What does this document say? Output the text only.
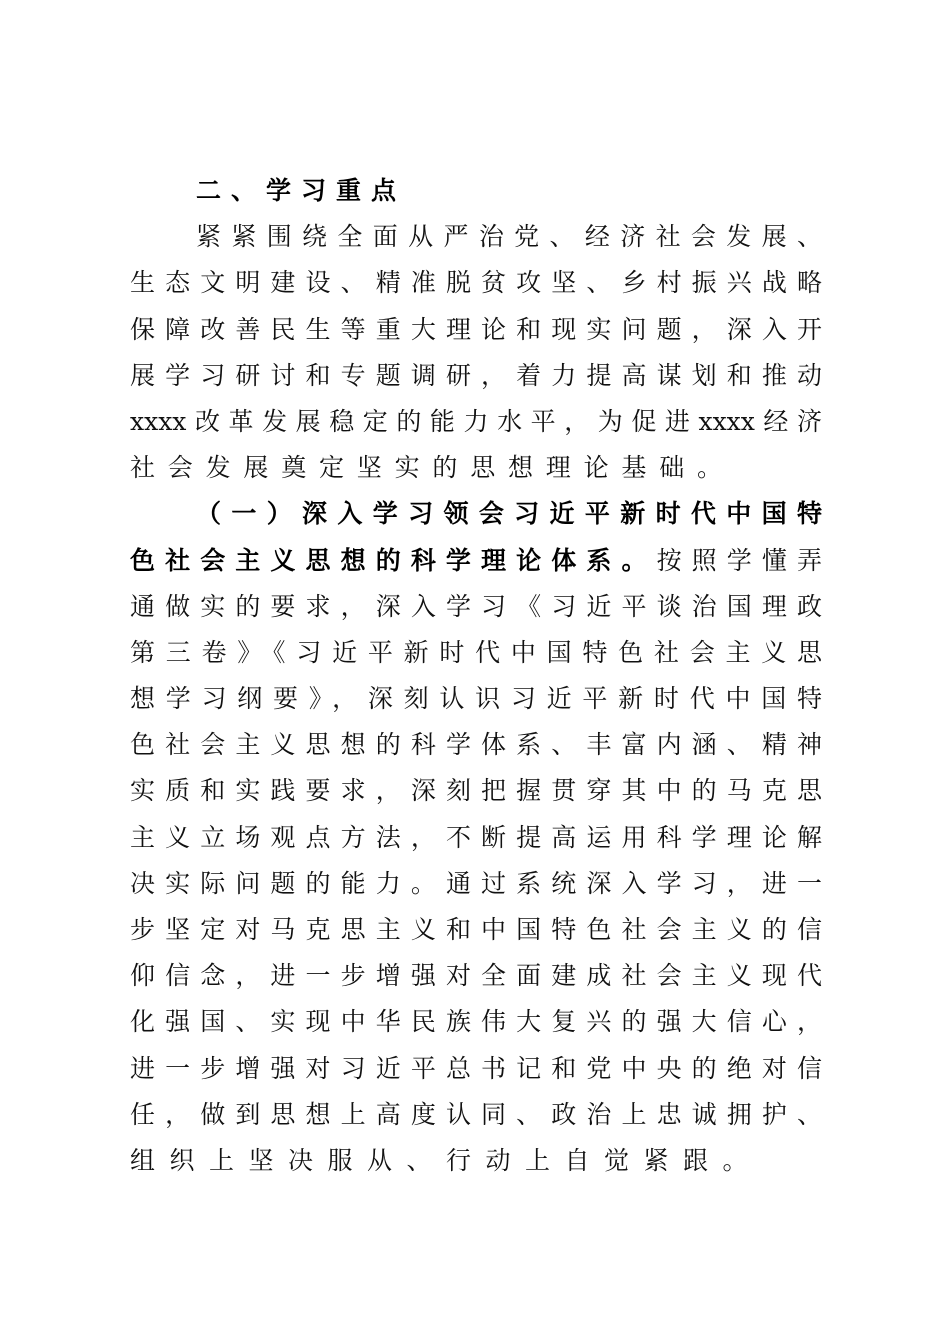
二、学习重点
紧紧围绕全面从严治党、经济社会发展、
生态文明建设、精准脱贫攻坚、乡村振兴战略
保障改善民生等重大理论和现实问题，深入开
展学习研讨和专题调研，着力提高谋划和推动
xxxx改革发展稳定的能力水平，为促进xxxx经济
社会发展奠定坚实的思想理论基础。
（一）深入学习领会习近平新时代中国特
色社会主义思想的科学理论体系。按照学懂弄
通做实的要求，深入学习《习近平谈治国理政
第三卷》《习近平新时代中国特色社会主义思
想学习纲要》，深刻认识习近平新时代中国特
色社会主义思想的科学体系、丰富内涵、精神
实质和实践要求，深刻把握贯穿其中的马克思
主义立场观点方法，不断提高运用科学理论解
决实际问题的能力。通过系统深入学习，进一
步坚定对马克思主义和中国特色社会主义的信
仰信念，进一步增强对全面建成社会主义现代
化强国、实现中华民族伟大复兴的强大信心，
进一步增强对习近平总书记和党中央的绝对信
任，做到思想上高度认同、政治上忠诚拥护、
组织上坚决服从、行动上自觉紧跟。
